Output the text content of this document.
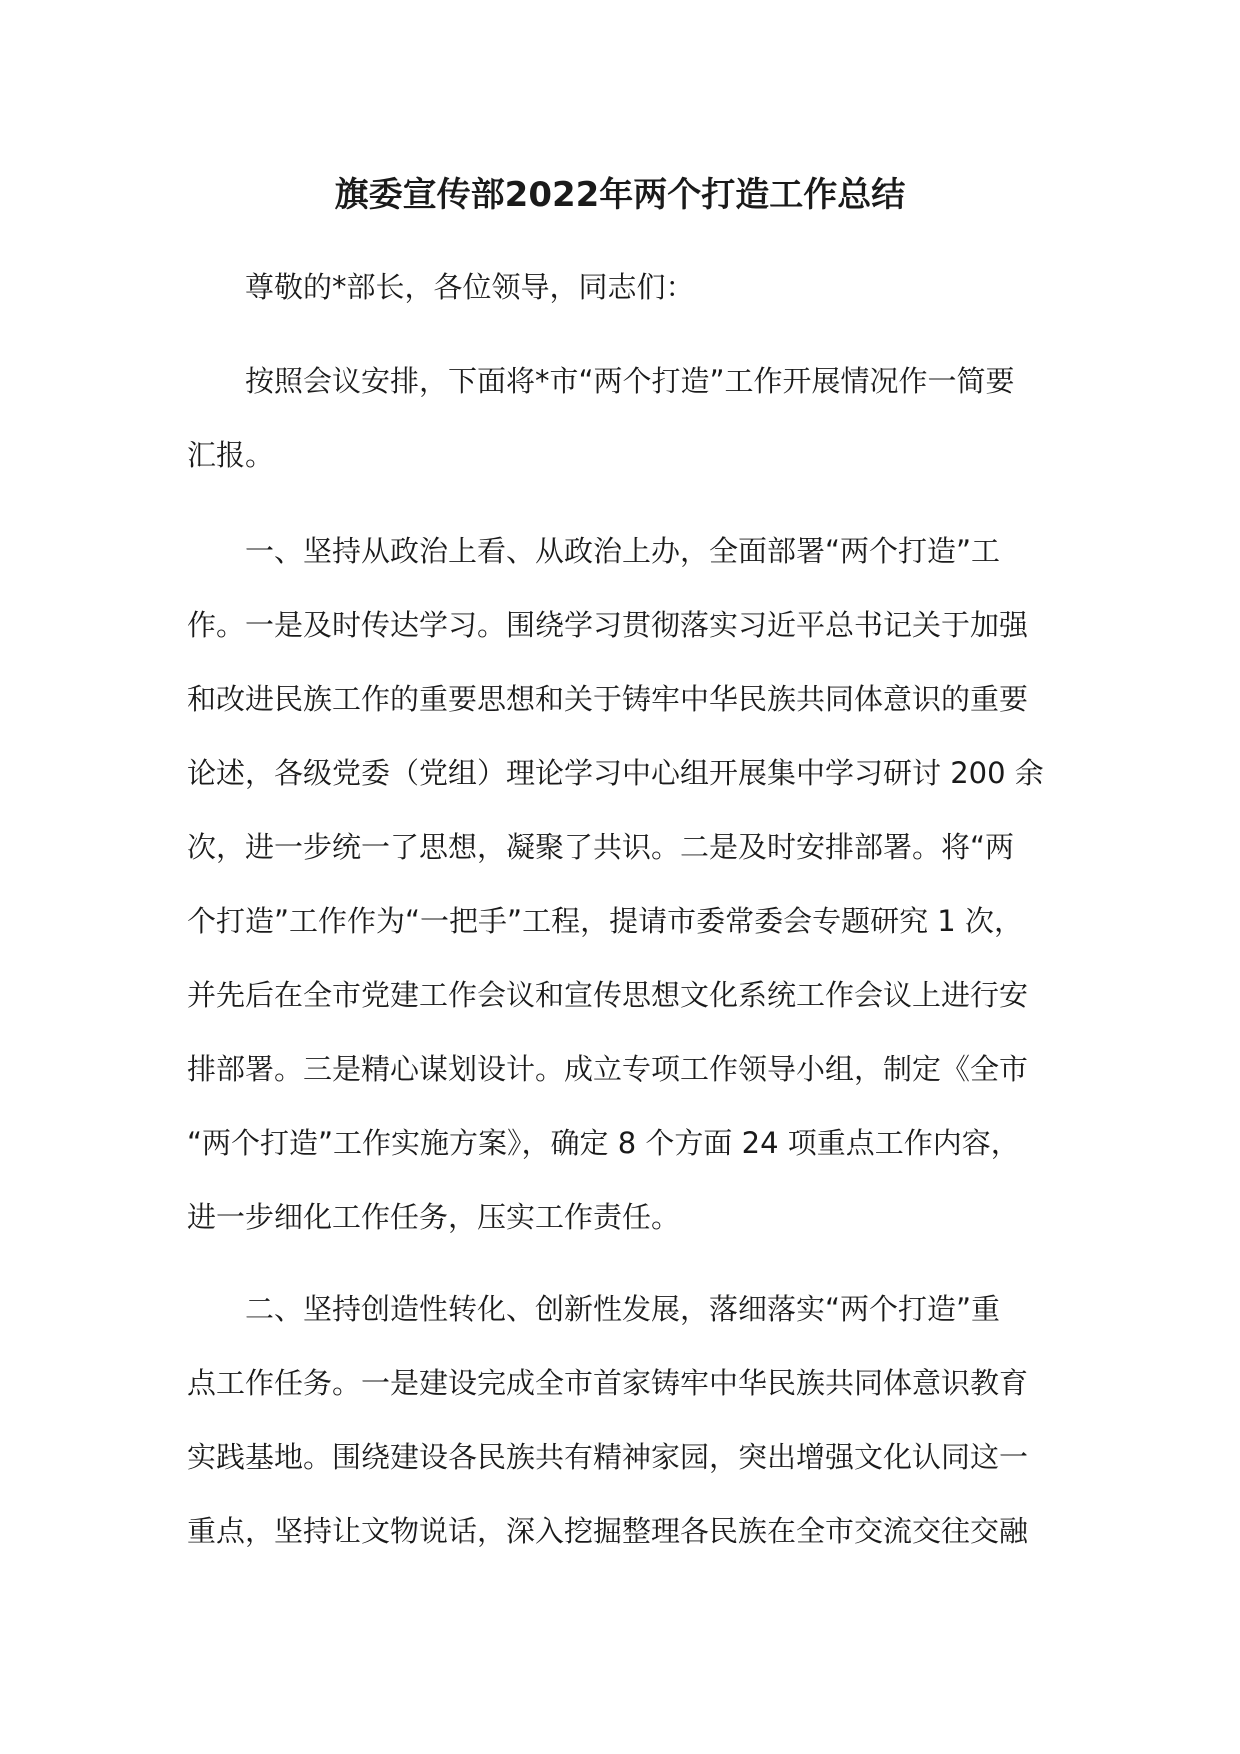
旗委宣传部2022年两个打造工作总结

尊敬的*部长，各位领导，同志们：

按照会议安排，下面将*市“两个打造”工作开展情况作一简要
汇报。

一、坚持从政治上看、从政治上办，全面部署“两个打造”工
作。一是及时传达学习。围绕学习贯彻落实习近平总书记关于加强
和改进民族工作的重要思想和关于铸牢中华民族共同体意识的重要
论述，各级党委（党组）理论学习中心组开展集中学习研讨 200 余
次，进一步统一了思想，凝聚了共识。二是及时安排部署。将“两
个打造”工作作为“一把手”工程，提请市委常委会专题研究 1 次，
并先后在全市党建工作会议和宣传思想文化系统工作会议上进行安
排部署。三是精心谋划设计。成立专项工作领导小组，制定《全市
“两个打造”工作实施方案》，确定 8 个方面 24 项重点工作内容，
进一步细化工作任务，压实工作责任。

二、坚持创造性转化、创新性发展，落细落实“两个打造”重
点工作任务。一是建设完成全市首家铸牢中华民族共同体意识教育
实践基地。围绕建设各民族共有精神家园，突出增强文化认同这一
重点，坚持让文物说话，深入挖掘整理各民族在全市交流交往交融
